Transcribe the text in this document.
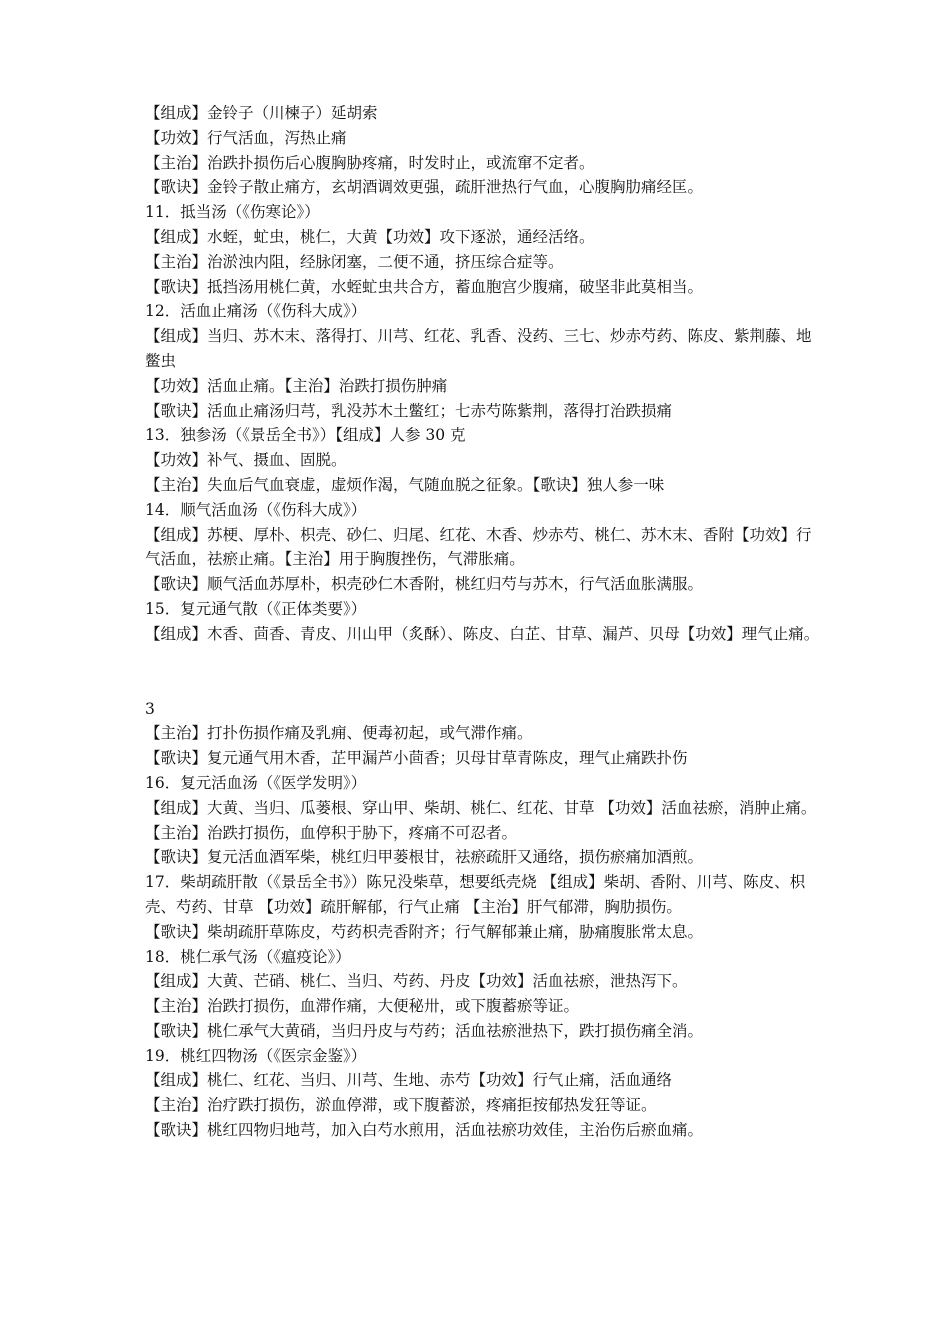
【组成】金铃子（川楝子）延胡索

【功效】行气活血，泻热止痛

【主治】治跌扑损伤后心腹胸胁疼痛，时发时止，或流窜不定者。

【歌诀】金铃子散止痛方，玄胡酒调效更强，疏肝泄热行气血，心腹胸肋痛经匡。

11．抵当汤（《伤寒论》）

【组成】水蛭，虻虫，桃仁，大黄【功效】攻下逐淤，通经活络。

【主治】治淤浊内阻，经脉闭塞，二便不通，挤压综合症等。

【歌诀】抵挡汤用桃仁黄，水蛭虻虫共合方，蓄血胞宫少腹痛，破坚非此莫相当。

12．活血止痛汤（《伤科大成》）

【组成】当归、苏木末、落得打、川芎、红花、乳香、没药、三七、炒赤芍药、陈皮、紫荆藤、地鳖虫

【功效】活血止痛。【主治】治跌打损伤肿痛

【歌诀】活血止痛汤归芎，乳没苏木土鳖红；七赤芍陈紫荆，落得打治跌损痛

13．独参汤（《景岳全书》）【组成】人参 30 克

【功效】补气、摄血、固脱。

【主治】失血后气血衰虚，虚烦作渴，气随血脱之征象。【歌诀】独人参一味

14．顺气活血汤（《伤科大成》）

【组成】苏梗、厚朴、枳壳、砂仁、归尾、红花、木香、炒赤芍、桃仁、苏木末、香附【功效】行气活血，祛瘀止痛。【主治】用于胸腹挫伤，气滞胀痛。

【歌诀】顺气活血苏厚朴，枳壳砂仁木香附，桃红归芍与苏木，行气活血胀满服。

15．复元通气散（《正体类要》）

【组成】木香、茴香、青皮、川山甲（炙酥）、陈皮、白芷、甘草、漏芦、贝母【功效】理气止痛。

3

【主治】打扑伤损作痛及乳痈、便毒初起，或气滞作痛。

【歌诀】复元通气用木香，芷甲漏芦小茴香；贝母甘草青陈皮，理气止痛跌扑伤

16．复元活血汤（《医学发明》）

【组成】大黄、当归、瓜蒌根、穿山甲、柴胡、桃仁、红花、甘草 【功效】活血祛瘀，消肿止痛。

【主治】治跌打损伤，血停积于胁下，疼痛不可忍者。

【歌诀】复元活血酒军柴，桃红归甲蒌根甘，祛瘀疏肝又通络，损伤瘀痛加酒煎。

17．柴胡疏肝散（《景岳全书》）陈兄没柴草，想要纸壳烧 【组成】柴胡、香附、川芎、陈皮、枳壳、芍药、甘草 【功效】疏肝解郁，行气止痛 【主治】肝气郁滞，胸肋损伤。

【歌诀】柴胡疏肝草陈皮，芍药枳壳香附齐；行气解郁兼止痛，胁痛腹胀常太息。

18．桃仁承气汤（《瘟疫论》）

【组成】大黄、芒硝、桃仁、当归、芍药、丹皮【功效】活血祛瘀，泄热泻下。

【主治】治跌打损伤，血滞作痛，大便秘卅，或下腹蓄瘀等证。

【歌诀】桃仁承气大黄硝，当归丹皮与芍药；活血祛瘀泄热下，跌打损伤痛全消。

19．桃红四物汤（《医宗金鉴》）

【组成】桃仁、红花、当归、川芎、生地、赤芍【功效】行气止痛，活血通络

【主治】治疗跌打损伤，淤血停滞，或下腹蓄淤，疼痛拒按郁热发狂等证。

【歌诀】桃红四物归地芎，加入白芍水煎用，活血祛瘀功效佳，主治伤后瘀血痛。
